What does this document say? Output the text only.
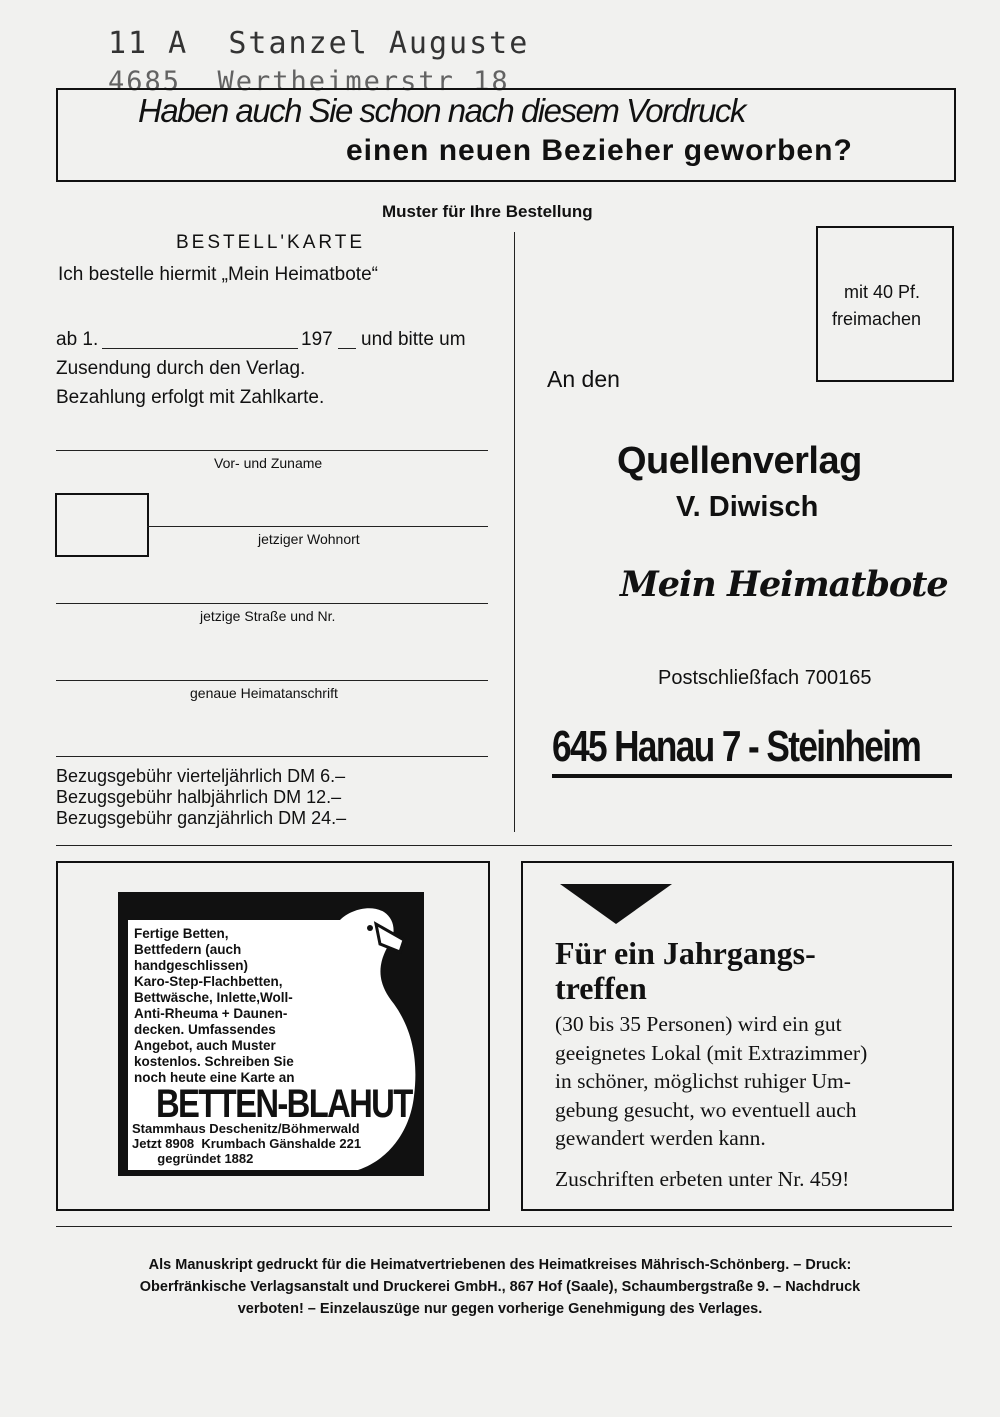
11 A  Stanzel Auguste
4685  Wertheimerstr 18
Haben auch Sie schon nach diesem Vordruck
einen neuen Bezieher geworben?
Muster für Ihre Bestellung
BESTELL'KARTE
Ich bestelle hiermit „Mein Heimatbote“
ab 1.	197 und bitte um
Zusendung durch den Verlag.
Bezahlung erfolgt mit Zahlkarte.
Vor- und Zuname
jetziger Wohnort
jetzige Straße und Nr.
genaue Heimatanschrift
Bezugsgebühr vierteljährlich DM 6.–
Bezugsgebühr halbjährlich DM 12.–
Bezugsgebühr ganzjährlich DM 24.–
mit 40 Pf.
freimachen
An den
Quellenverlag
V. Diwisch
Mein Heimatbote
Postschließfach 700165
645 Hanau 7 - Steinheim
Fertige Betten,
Bettfedern (auch
handgeschlissen)
Karo-Step-Flachbetten,
Bettwäsche, Inlette,Woll-
Anti-Rheuma + Daunen-
decken. Umfassendes
Angebot, auch Muster
kostenlos. Schreiben Sie
noch heute eine Karte an
BETTEN-BLAHUT
Stammhaus Deschenitz/Böhmerwald
Jetzt 8908  Krumbach Gänshalde 221
gegründet 1882
Für ein Jahrgangs-
treffen
(30 bis 35 Personen) wird ein gut
geeignetes Lokal (mit Extrazimmer)
in schöner, möglichst ruhiger Um-
gebung gesucht, wo eventuell auch
gewandert werden kann.
Zuschriften erbeten unter Nr. 459!
Als Manuskript gedruckt für die Heimatvertriebenen des Heimatkreises Mährisch-Schönberg. – Druck:
Oberfränkische Verlagsanstalt und Druckerei GmbH., 867 Hof (Saale), Schaumbergstraße 9. – Nachdruck
verboten! – Einzelauszüge nur gegen vorherige Genehmigung des Verlages.
